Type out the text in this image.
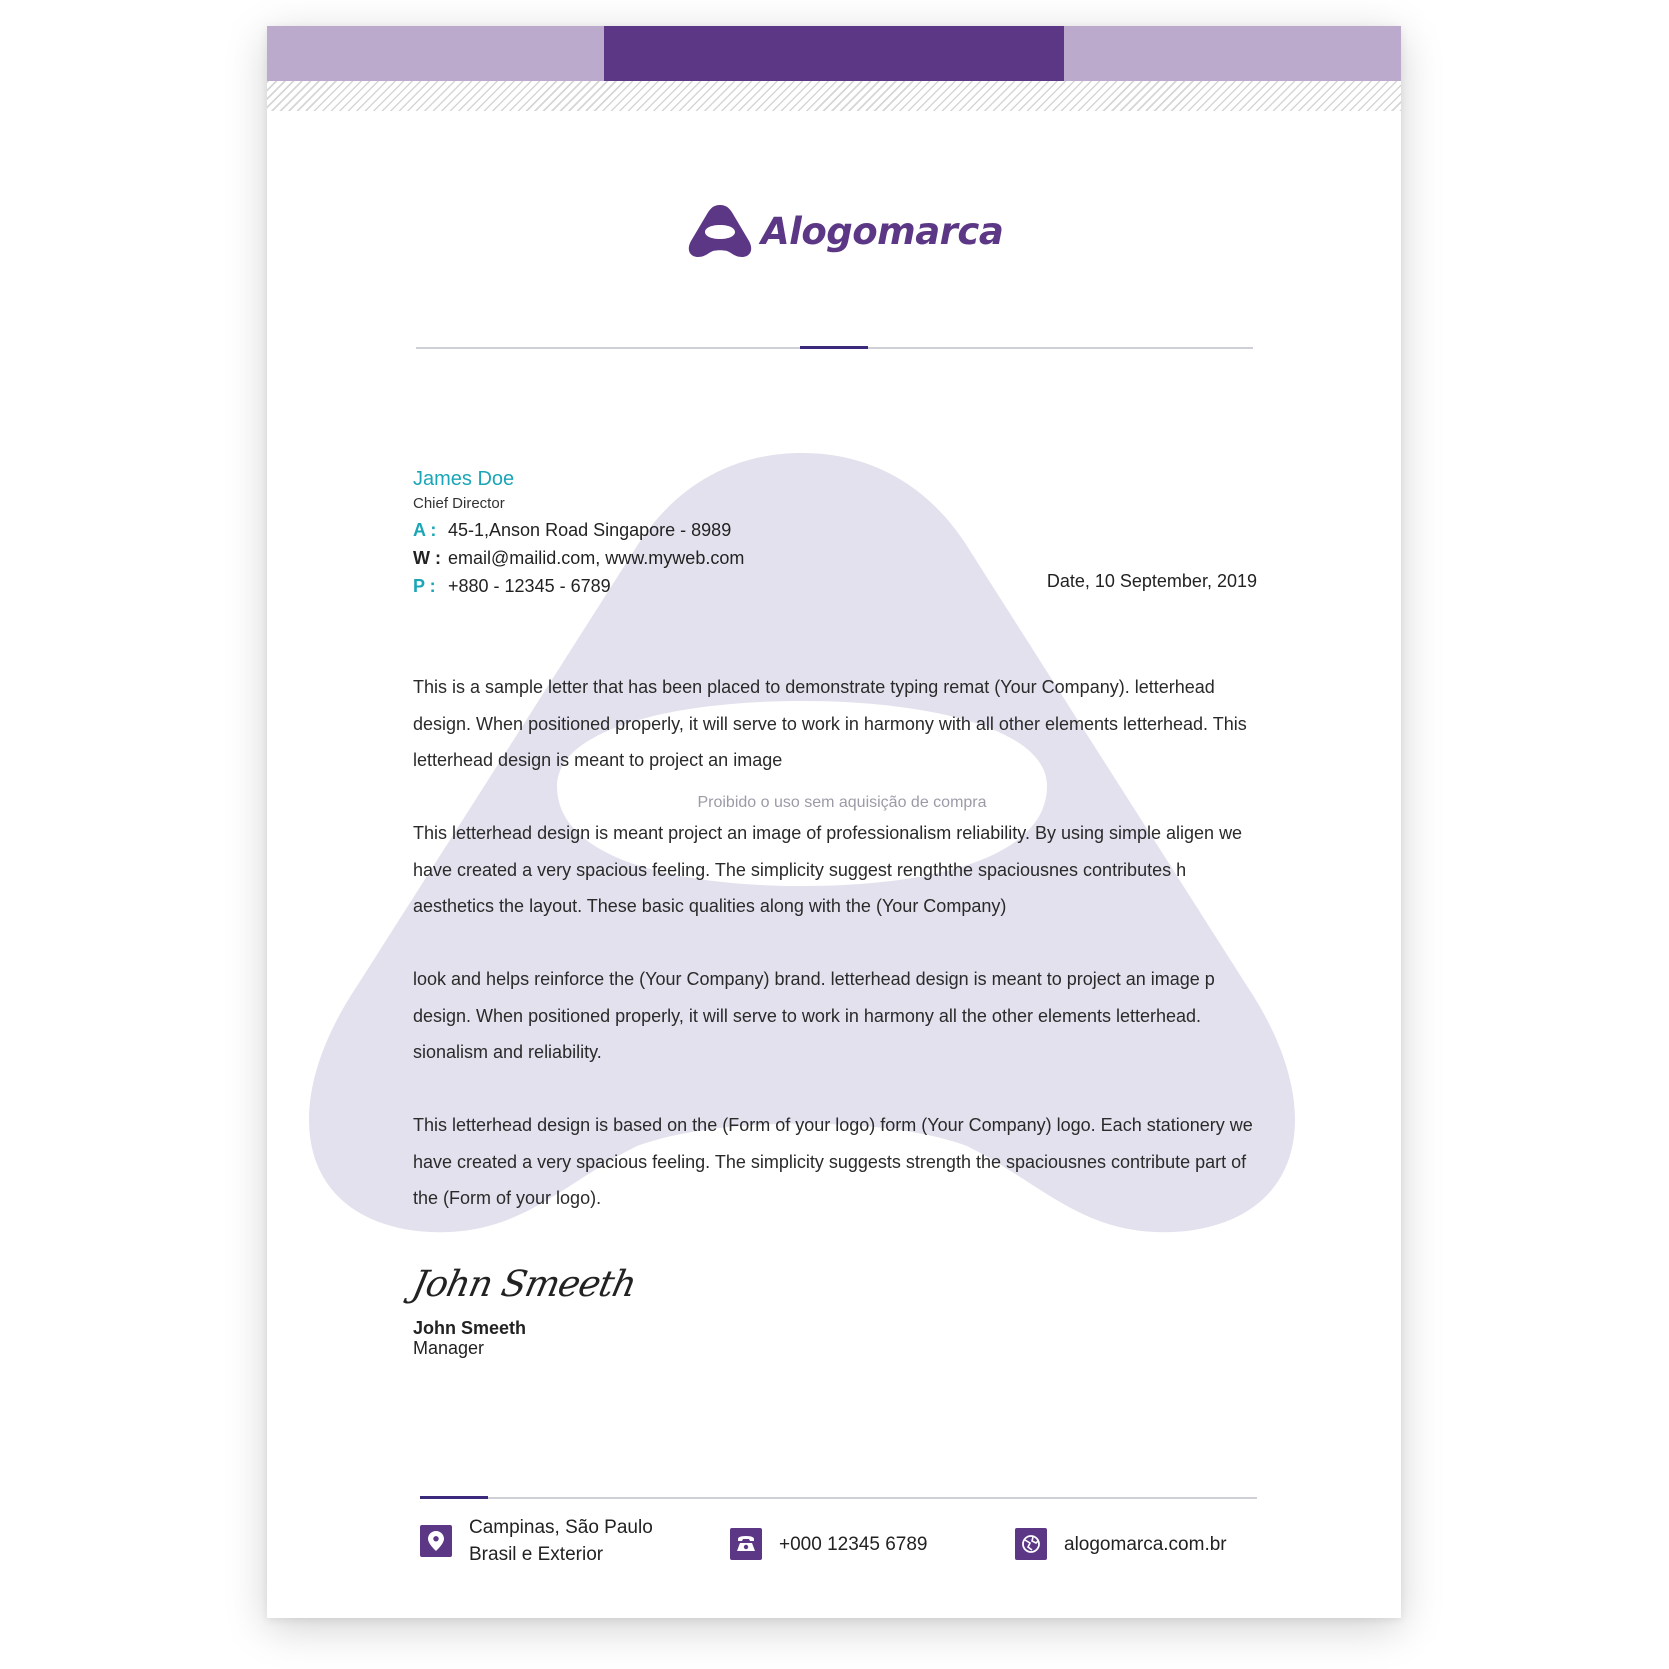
Alogomarca
James Doe
Chief Director
A : 45-1,Anson Road Singapore - 8989
W : email@mailid.com, www.myweb.com
P : +880 - 12345 - 6789	Date, 10 September, 2019

This is a sample letter that has been placed to demonstrate typing remat (Your Company). letterhead design. When positioned properly, it will serve to work in harmony with all other elements letterhead. This letterhead design is meant to project an image

This letterhead design is meant project an image of professionalism reliability. By using simple aligen we have created a very spacious feeling. The simplicity suggest rengththe spaciousnes contributes h aesthetics the layout. These basic qualities along with the (Your Company)

look and helps reinforce the (Your Company) brand. letterhead design is meant to project an image p design. When positioned properly, it will serve to work in harmony all the other elements letterhead. sionalism and reliability.

This letterhead design is based on the (Form of your logo) form (Your Company) logo. Each stationery we have created a very spacious feeling. The simplicity suggests strength the spaciousnes contribute part of the (Form of your logo).

Proibido o uso sem aquisição de compra
John Smeeth
John Smeeth
Manager
Campinas, São Paulo
Brasil e Exterior	+000 12345 6789	alogomarca.com.br
